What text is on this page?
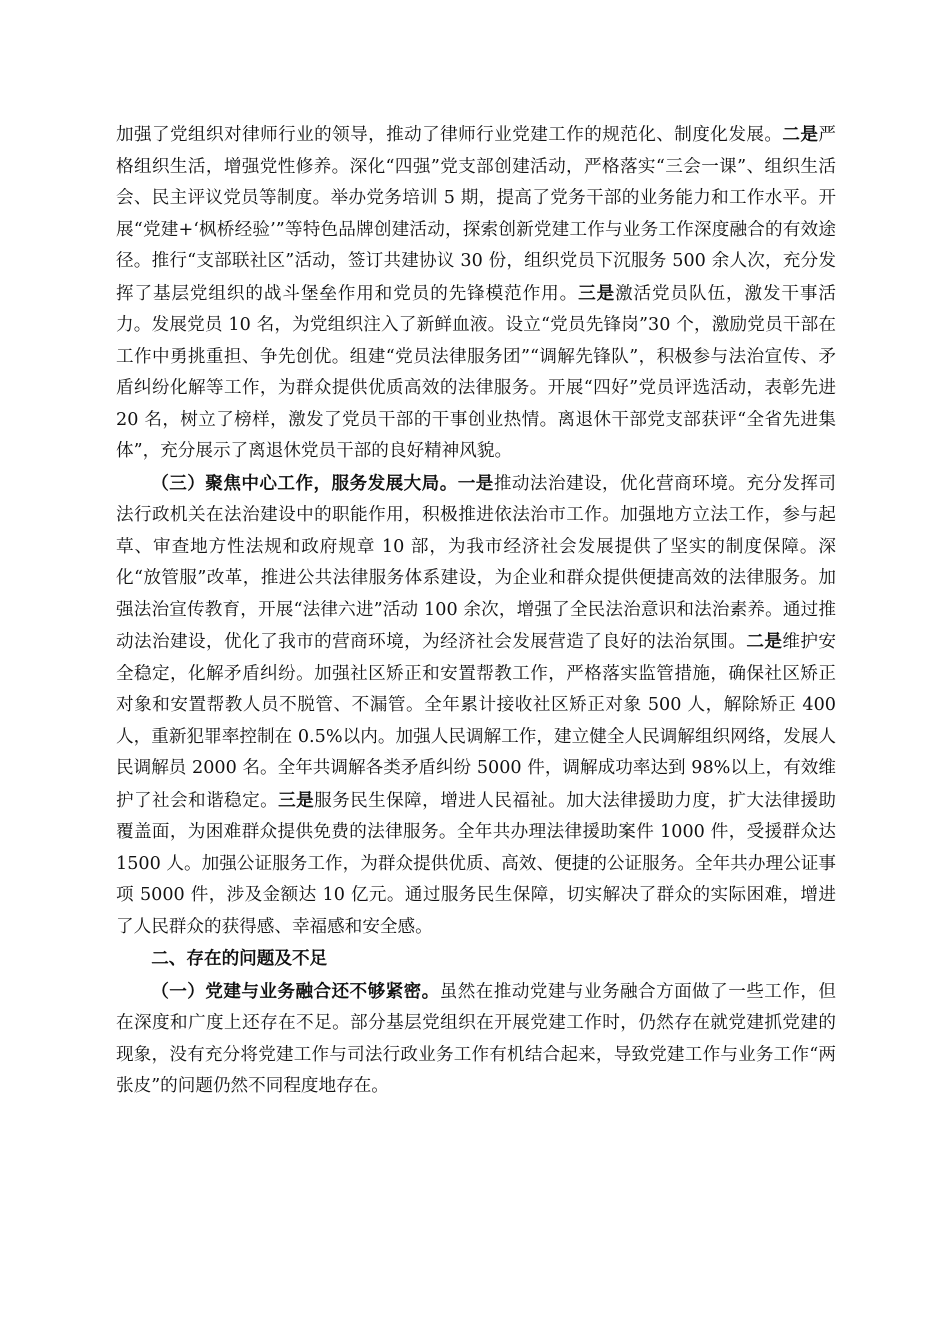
加强了党组织对律师行业的领导，推动了律师行业党建工作的规范化、制度化发展。二是严格组织生活，增强党性修养。深化“四强”党支部创建活动，严格落实“三会一课”、组织生活会、民主评议党员等制度。举办党务培训 5 期，提高了党务干部的业务能力和工作水平。开展“党建+‘枫桥经验’”等特色品牌创建活动，探索创新党建工作与业务工作深度融合的有效途径。推行“支部联社区”活动，签订共建协议 30 份，组织党员下沉服务 500 余人次，充分发挥了基层党组织的战斗堡垒作用和党员的先锋模范作用。三是激活党员队伍，激发干事活力。发展党员 10 名，为党组织注入了新鲜血液。设立“党员先锋岗”30 个，激励党员干部在工作中勇挑重担、争先创优。组建“党员法律服务团”“调解先锋队”，积极参与法治宣传、矛盾纠纷化解等工作，为群众提供优质高效的法律服务。开展“四好”党员评选活动，表彰先进 20 名，树立了榜样，激发了党员干部的干事创业热情。离退休干部党支部获评“全省先进集体”，充分展示了离退休党员干部的良好精神风貌。

（三）聚焦中心工作，服务发展大局。一是推动法治建设，优化营商环境。充分发挥司法行政机关在法治建设中的职能作用，积极推进依法治市工作。加强地方立法工作，参与起草、审查地方性法规和政府规章 10 部，为我市经济社会发展提供了坚实的制度保障。深化“放管服”改革，推进公共法律服务体系建设，为企业和群众提供便捷高效的法律服务。加强法治宣传教育，开展“法律六进”活动 100 余次，增强了全民法治意识和法治素养。通过推动法治建设，优化了我市的营商环境，为经济社会发展营造了良好的法治氛围。二是维护安全稳定，化解矛盾纠纷。加强社区矫正和安置帮教工作，严格落实监管措施，确保社区矫正对象和安置帮教人员不脱管、不漏管。全年累计接收社区矫正对象 500 人，解除矫正 400 人，重新犯罪率控制在 0.5%以内。加强人民调解工作，建立健全人民调解组织网络，发展人民调解员 2000 名。全年共调解各类矛盾纠纷 5000 件，调解成功率达到 98%以上，有效维护了社会和谐稳定。三是服务民生保障，增进人民福祉。加大法律援助力度，扩大法律援助覆盖面，为困难群众提供免费的法律服务。全年共办理法律援助案件 1000 件，受援群众达 1500 人。加强公证服务工作，为群众提供优质、高效、便捷的公证服务。全年共办理公证事项 5000 件，涉及金额达 10 亿元。通过服务民生保障，切实解决了群众的实际困难，增进了人民群众的获得感、幸福感和安全感。

二、存在的问题及不足

（一）党建与业务融合还不够紧密。虽然在推动党建与业务融合方面做了一些工作，但在深度和广度上还存在不足。部分基层党组织在开展党建工作时，仍然存在就党建抓党建的现象，没有充分将党建工作与司法行政业务工作有机结合起来，导致党建工作与业务工作“两张皮”的问题仍然不同程度地存在。
